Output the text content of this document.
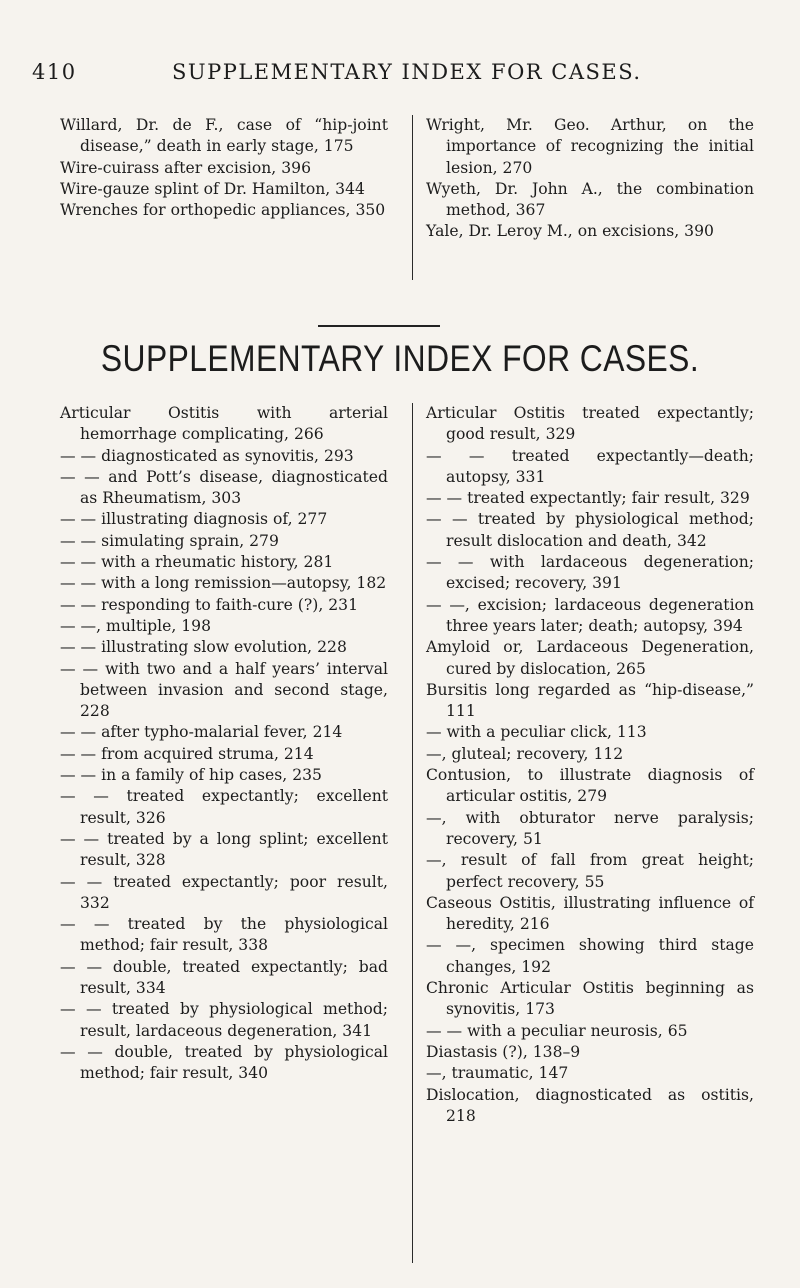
410	SUPPLEMENTARY INDEX FOR CASES.

Willard, Dr. de F., case of “hip-joint disease,” death in early stage, 175

Wire-cuirass after excision, 396

Wire-gauze splint of Dr. Hamilton, 344

Wrenches for orthopedic appliances, 350

Wright, Mr. Geo. Arthur, on the importance of recognizing the initial lesion, 270

Wyeth, Dr. John A., the combination method, 367

Yale, Dr. Leroy M., on excisions, 390

SUPPLEMENTARY INDEX FOR CASES.

Articular Ostitis with arterial hemorrhage complicating, 266

— — diagnosticated as synovitis, 293

— — and Pott’s disease, diagnosticated as Rheumatism, 303

— — illustrating diagnosis of, 277

— — simulating sprain, 279

— — with a rheumatic history, 281

— — with a long remission—autopsy, 182

— — responding to faith-cure (?), 231

— —, multiple, 198

— — illustrating slow evolution, 228

— — with two and a half years’ interval between invasion and second stage, 228

— — after typho-malarial fever, 214

— — from acquired struma, 214

— — in a family of hip cases, 235

— — treated expectantly; excellent result, 326

— — treated by a long splint; excellent result, 328

— — treated expectantly; poor result, 332

— — treated by the physiological method; fair result, 338

— — double, treated expectantly; bad result, 334

— — treated by physiological method; result, lardaceous degeneration, 341

— — double, treated by physiological method; fair result, 340

Articular Ostitis treated expectantly; good result, 329

— — treated expectantly—death; autopsy, 331

— — treated expectantly; fair result, 329

— — treated by physiological method; result dislocation and death, 342

— — with lardaceous degeneration; excised; recovery, 391

— —, excision; lardaceous degeneration three years later; death; autopsy, 394

Amyloid or, Lardaceous Degeneration, cured by dislocation, 265

Bursitis long regarded as “hip-disease,” 111

— with a peculiar click, 113

—, gluteal; recovery, 112

Contusion, to illustrate diagnosis of articular ostitis, 279

—, with obturator nerve paralysis; recovery, 51

—, result of fall from great height; perfect recovery, 55

Caseous Ostitis, illustrating influence of heredity, 216

— —, specimen showing third stage changes, 192

Chronic Articular Ostitis beginning as synovitis, 173

— — with a peculiar neurosis, 65

Diastasis (?), 138–9

—, traumatic, 147

Dislocation, diagnosticated as ostitis, 218
